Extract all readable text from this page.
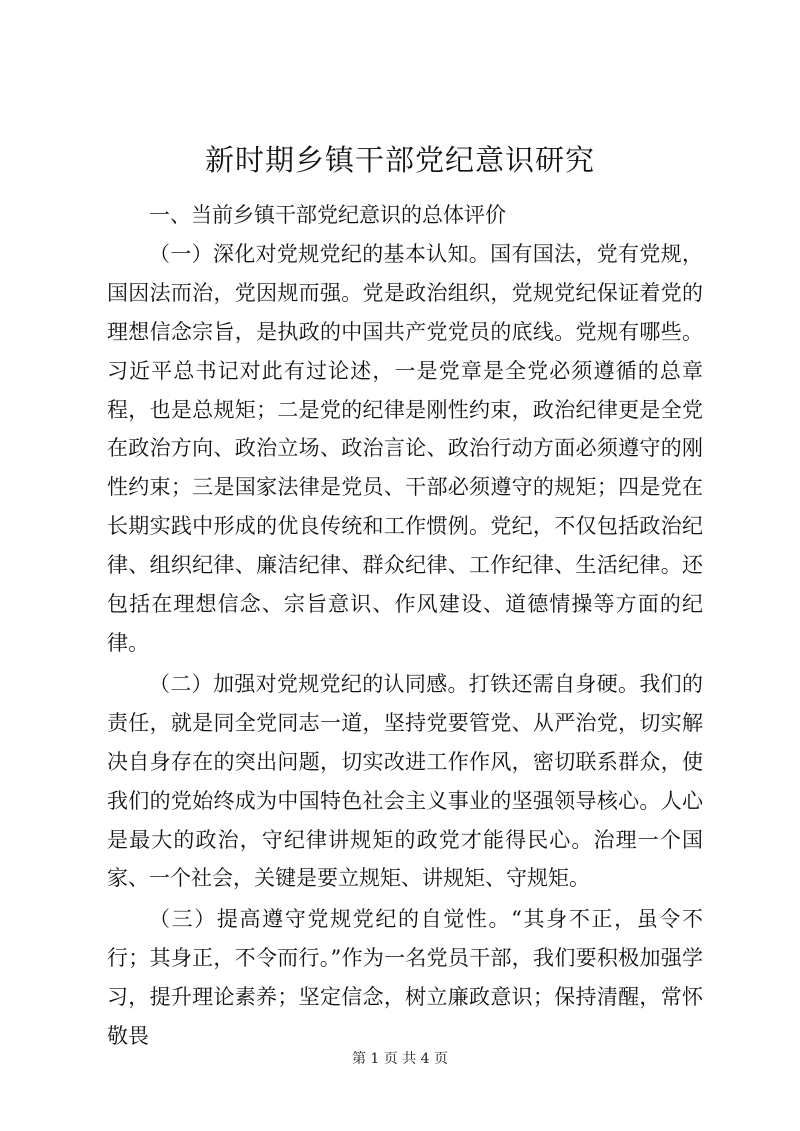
新时期乡镇干部党纪意识研究

一、当前乡镇干部党纪意识的总体评价

（一）深化对党规党纪的基本认知。国有国法，党有党规，国因法而治，党因规而强。党是政治组织，党规党纪保证着党的理想信念宗旨，是执政的中国共产党党员的底线。党规有哪些。习近平总书记对此有过论述，一是党章是全党必须遵循的总章程，也是总规矩；二是党的纪律是刚性约束，政治纪律更是全党在政治方向、政治立场、政治言论、政治行动方面必须遵守的刚性约束；三是国家法律是党员、干部必须遵守的规矩；四是党在长期实践中形成的优良传统和工作惯例。党纪，不仅包括政治纪律、组织纪律、廉洁纪律、群众纪律、工作纪律、生活纪律。还包括在理想信念、宗旨意识、作风建设、道德情操等方面的纪律。

（二）加强对党规党纪的认同感。打铁还需自身硬。我们的责任，就是同全党同志一道，坚持党要管党、从严治党，切实解决自身存在的突出问题，切实改进工作作风，密切联系群众，使我们的党始终成为中国特色社会主义事业的坚强领导核心。人心是最大的政治，守纪律讲规矩的政党才能得民心。治理一个国家、一个社会，关键是要立规矩、讲规矩、守规矩。

（三）提高遵守党规党纪的自觉性。“其身不正，虽令不行；其身正，不令而行。”作为一名党员干部，我们要积极加强学习，提升理论素养；坚定信念，树立廉政意识；保持清醒，常怀敬畏

第 1 页 共 4 页
